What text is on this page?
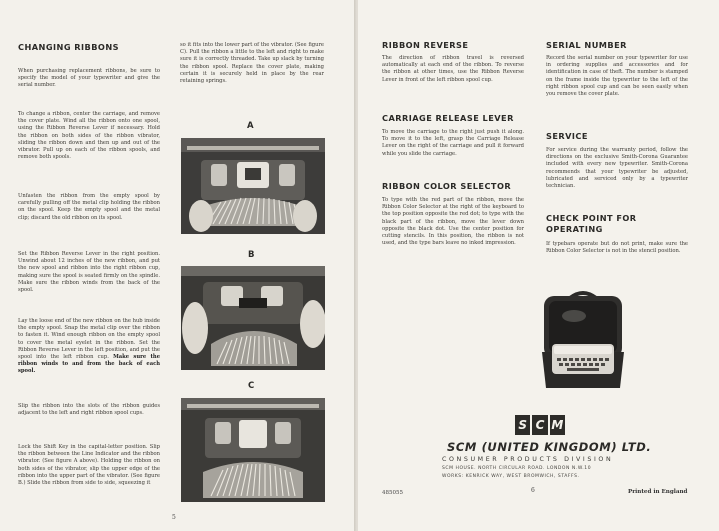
CHANGING RIBBONS

When purchasing replacement ribbons, be sure to specify the model of your typewriter and give the serial number.

To change a ribbon, center the carriage, and remove the cover plate. Wind all the ribbon onto one spool, using the Ribbon Reverse Lever if necessary. Hold the ribbon on both sides of the ribbon vibrator, sliding the ribbon down and then up and out of the vibrator. Pull up on each of the ribbon spools, and remove both spools.

Unfasten the ribbon from the empty spool by carefully pulling off the metal clip holding the ribbon on the spool. Keep the empty spool and the metal clip; discard the old ribbon on its spool.

Set the Ribbon Reverse Lever in the right position. Unwind about 12 inches of the new ribbon, and put the new spool and ribbon into the right ribbon cup, making sure the spool is seated firmly on the spindle. Make sure the ribbon winds from the back of the spool.

Lay the loose end of the new ribbon on the hub inside the empty spool. Snap the metal clip over the ribbon to fasten it. Wind enough ribbon on the empty spool to cover the metal eyelet in the ribbon. Set the Ribbon Reverse Lever in the left position, and put the spool into the left ribbon cup. Make sure the ribbon winds to and from the back of each spool.

Slip the ribbon into the slots of the ribbon guides adjacent to the left and right ribbon spool cups.

Lock the Shift Key in the capital-letter position. Slip the ribbon between the Line Indicator and the ribbon vibrator. (See figure A above). Holding the ribbon on both sides of the vibrator, slip the upper edge of the ribbon into the upper part of the vibrator. (See figure B.) Slide the ribbon from side to side, squeezing it

so it fits into the lower part of the vibrator. (See figure C). Pull the ribbon a little to the left and right to make sure it is correctly threaded. Take up slack by turning the ribbon spool. Replace the cover plate, making certain it is securely held in place by the rear retaining springs.

A
B
C
5
RIBBON REVERSE

The direction of ribbon travel is reversed automatically at each end of the ribbon. To reverse the ribbon at other times, use the Ribbon Reverse Lever in front of the left ribbon spool cup.

CARRIAGE RELEASE LEVER

To move the carriage to the right just push it along. To move it to the left, grasp the Carriage Release Lever on the right of the carriage and pull it forward while you slide the carriage.

RIBBON COLOR SELECTOR

To type with the red part of the ribbon, move the Ribbon Color Selector at the right of the keyboard to the top position opposite the red dot; to type with the black part of the ribbon, move the lever down opposite the black dot. Use the center position for cutting stencils. In this position, the ribbon is not used, and the type bars leave no inked impression.

SERIAL NUMBER

Record the serial number on your typewriter for use in ordering supplies and accessories and for identification in case of theft. The number is stamped on the frame inside the typewriter to the left of the right ribbon spool cup and can be seen easily when you remove the cover plate.

SERVICE

For service during the warranty period, follow the directions on the exclusive Smith-Corona Guarantee included with every new typewriter. Smith-Corona recommends that your typewriter be adjusted, lubricated and serviced only by a typewriter technician.

CHECK POINT FOR
OPERATING

If typebars operate but do not print, make sure the Ribbon Color Selector is not in the stencil position.

S C M
SCM (UNITED KINGDOM) LTD.
CONSUMER PRODUCTS DIVISION
SCM HOUSE. NORTH CIRCULAR ROAD. LONDON N.W.10
WORKS: KENRICK WAY, WEST BROMWICH, STAFFS.
485055	6	Printed in England
